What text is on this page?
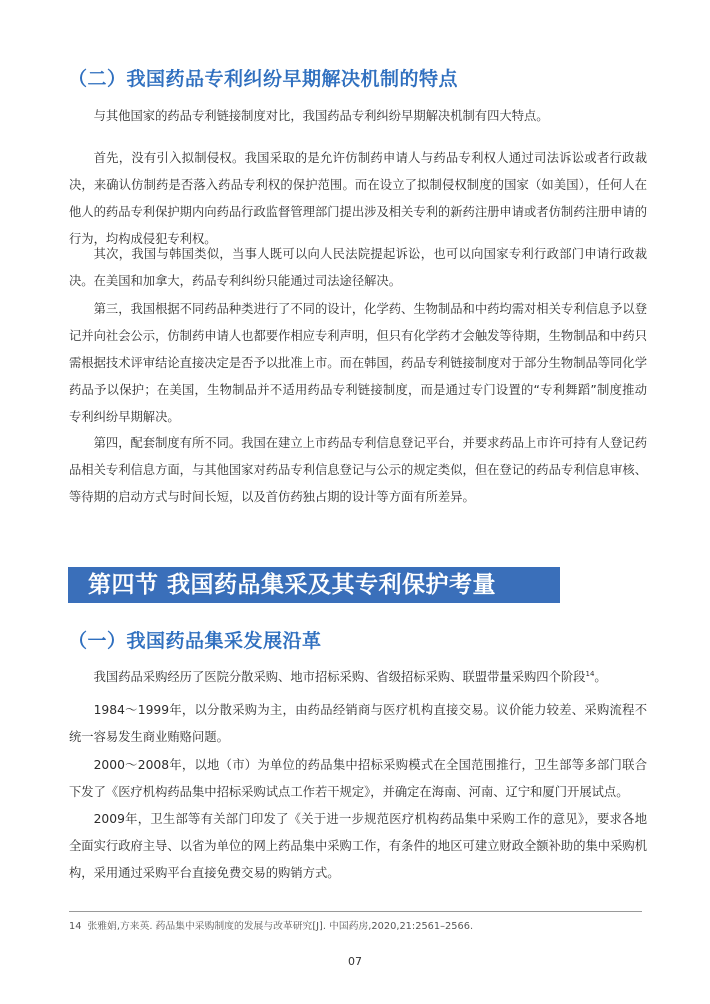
（二）我国药品专利纠纷早期解决机制的特点

与其他国家的药品专利链接制度对比，我国药品专利纠纷早期解决机制有四大特点。

首先，没有引入拟制侵权。我国采取的是允许仿制药申请人与药品专利权人通过司法诉讼或者行政裁决，来确认仿制药是否落入药品专利权的保护范围。而在设立了拟制侵权制度的国家（如美国），任何人在他人的药品专利保护期内向药品行政监督管理部门提出涉及相关专利的新药注册申请或者仿制药注册申请的行为，均构成侵犯专利权。

其次，我国与韩国类似，当事人既可以向人民法院提起诉讼，也可以向国家专利行政部门申请行政裁决。在美国和加拿大，药品专利纠纷只能通过司法途径解决。

第三，我国根据不同药品种类进行了不同的设计，化学药、生物制品和中药均需对相关专利信息予以登记并向社会公示，仿制药申请人也都要作相应专利声明，但只有化学药才会触发等待期，生物制品和中药只需根据技术评审结论直接决定是否予以批准上市。而在韩国，药品专利链接制度对于部分生物制品等同化学药品予以保护；在美国，生物制品并不适用药品专利链接制度，而是通过专门设置的“专利舞蹈”制度推动专利纠纷早期解决。

第四，配套制度有所不同。我国在建立上市药品专利信息登记平台，并要求药品上市许可持有人登记药品相关专利信息方面，与其他国家对药品专利信息登记与公示的规定类似，但在登记的药品专利信息审核、等待期的启动方式与时间长短，以及首仿药独占期的设计等方面有所差异。

第四节 我国药品集采及其专利保护考量
（一）我国药品集采发展沿革

我国药品采购经历了医院分散采购、地市招标采购、省级招标采购、联盟带量采购四个阶段$^{14}$。

1984～1999年，以分散采购为主，由药品经销商与医疗机构直接交易。议价能力较差、采购流程不统一容易发生商业贿赂问题。

2000～2008年，以地（市）为单位的药品集中招标采购模式在全国范围推行，卫生部等多部门联合下发了《医疗机构药品集中招标采购试点工作若干规定》，并确定在海南、河南、辽宁和厦门开展试点。

2009年，卫生部等有关部门印发了《关于进一步规范医疗机构药品集中采购工作的意见》，要求各地全面实行政府主导、以省为单位的网上药品集中采购工作，有条件的地区可建立财政全额补助的集中采购机构，采用通过采购平台直接免费交易的购销方式。

14 张雅娟,方来英. 药品集中采购制度的发展与改革研究[J]. 中国药房,2020,21:2561–2566.
07
